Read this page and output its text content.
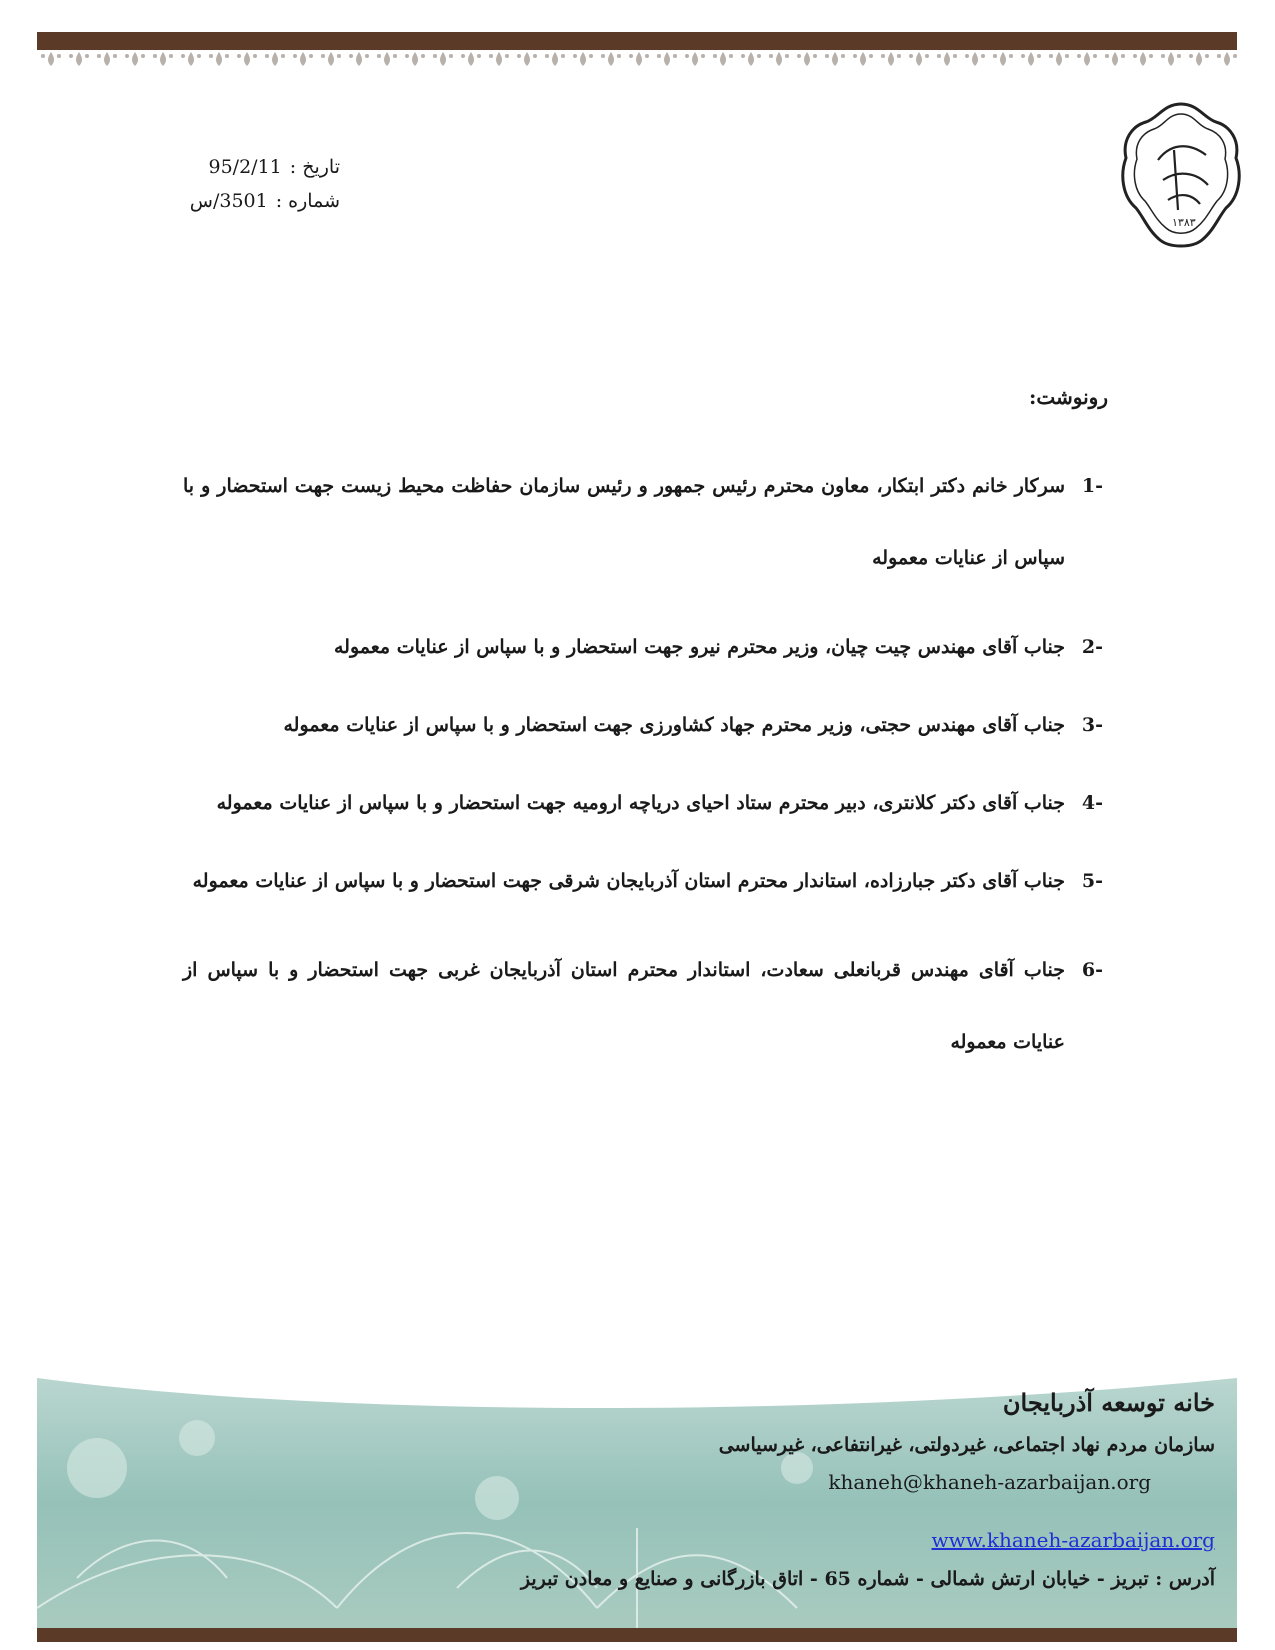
۱۳۸۳
تاریخ :95/2/11
شماره :3501/س
رونوشت:
-1
سرکار خانم دکتر ابتکار، معاون محترم رئیس جمهور و رئیس سازمان حفاظت محیط زیست جهت استحضار و با سپاس از عنایات معموله
-2
جناب آقای مهندس چیت چیان، وزیر محترم نیرو جهت استحضار و با سپاس از عنایات معموله
-3
جناب آقای مهندس حجتی، وزیر محترم جهاد کشاورزی جهت استحضار و با سپاس از عنایات معموله
-4
جناب آقای دکتر کلانتری، دبیر محترم ستاد احیای دریاچه ارومیه جهت استحضار و با سپاس از عنایات معموله
-5
جناب آقای دکتر جبارزاده، استاندار محترم استان آذربایجان شرقی جهت استحضار و با سپاس از عنایات معموله
-6
جناب آقای مهندس قربانعلی سعادت، استاندار محترم استان آذربایجان غربی جهت استحضار و با سپاس از عنایات معموله
خانه توسعه آذربایجان
سازمان مردم نهاد اجتماعی، غیردولتی، غیرانتفاعی، غیرسیاسی
khaneh@khaneh-azarbaijan.org
www.khaneh-azarbaijan.org
آدرس : تبریز - خیابان ارتش شمالی - شماره 65 - اتاق بازرگانی و صنایع و معادن تبریز
